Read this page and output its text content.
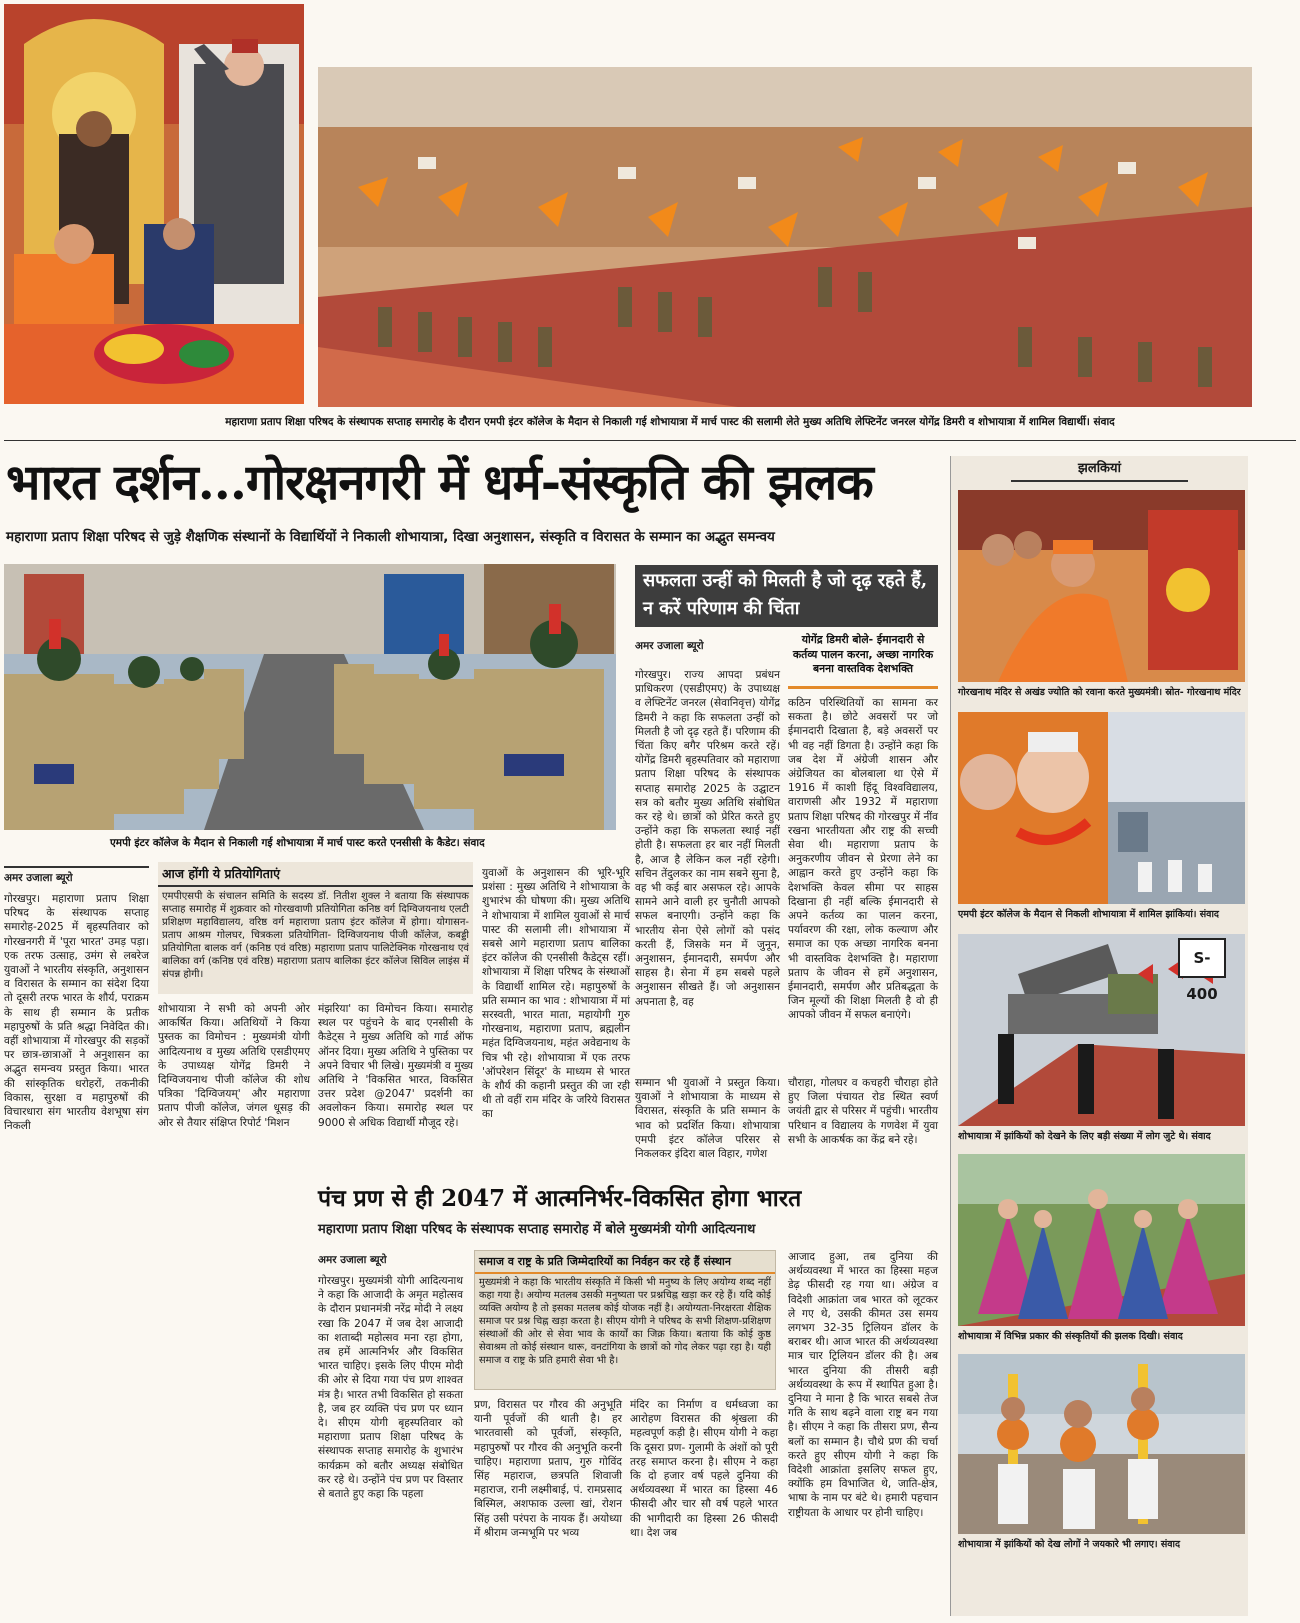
महाराणा प्रताप शिक्षा परिषद के संस्थापक सप्ताह समारोह के दौरान एमपी इंटर कॉलेज के मैदान से निकाली गई शोभायात्रा में मार्च पास्ट की सलामी लेते मुख्य अतिथि लेफ्टिनेंट जनरल योगेंद्र डिमरी व शोभायात्रा में शामिल विद्यार्थी। संवाद
भारत दर्शन...गोरक्षनगरी में धर्म-संस्कृति की झलक
महाराणा प्रताप शिक्षा परिषद से जुड़े शैक्षणिक संस्थानों के विद्यार्थियों ने निकाली शोभायात्रा, दिखा अनुशासन, संस्कृति व विरासत के सम्मान का अद्भुत समन्वय
एमपी इंटर कॉलेज के मैदान से निकाली गई शोभायात्रा में मार्च पास्ट करते एनसीसी के कैडेट। संवाद
सफलता उन्हीं को मिलती है जो दृढ़ रहते हैं, न करें परिणाम की चिंता
अमर उजाला ब्यूरो	योगेंद्र डिमरी बोले- ईमानदारी से कर्तव्य पालन करना, अच्छा नागरिक बनना वास्तविक देशभक्ति
गोरखपुर। राज्य आपदा प्रबंधन प्राधिकरण (एसडीएमए) के उपाध्यक्ष व लेफ्टिनेंट जनरल (सेवानिवृत्त) योगेंद्र डिमरी ने कहा कि सफलता उन्हीं को मिलती है जो दृढ़ रहते हैं। परिणाम की चिंता किए बगैर परिश्रम करते रहें। योगेंद्र डिमरी बृहस्पतिवार को महाराणा प्रताप शिक्षा परिषद के संस्थापक सप्ताह समारोह 2025 के उद्घाटन सत्र को बतौर मुख्य अतिथि संबोधित कर रहे थे। छात्रों को प्रेरित करते हुए उन्होंने कहा कि सफलता स्थाई नहीं होती है। सफलता हर बार नहीं मिलती है, आज है लेकिन कल नहीं रहेगी। सचिन तेंदुलकर का नाम सबने सुना है, वह भी कई बार असफल रहे। आपके सामने आने वाली हर चुनौती आपको सफल बनाएगी। उन्होंने कहा कि भारतीय सेना ऐसे लोगों को पसंद करती हैं, जिसके मन में जुनून, अनुशासन, ईमानदारी, समर्पण और साहस है। सेना में हम सबसे पहले अनुशासन सीखते हैं। जो अनुशासन अपनाता है, वह
कठिन परिस्थितियों का सामना कर सकता है। छोटे अवसरों पर जो ईमानदारी दिखाता है, बड़े अवसरों पर भी वह नहीं डिगता है। उन्होंने कहा कि जब देश में अंग्रेजी शासन और अंग्रेजियत का बोलबाला था ऐसे में 1916 में काशी हिंदू विश्वविद्यालय, वाराणसी और 1932 में महाराणा प्रताप शिक्षा परिषद की गोरखपुर में नींव रखना भारतीयता और राष्ट्र की सच्ची सेवा थी। महाराणा प्रताप के अनुकरणीय जीवन से प्रेरणा लेने का आह्वान करते हुए उन्होंने कहा कि देशभक्ति केवल सीमा पर साहस दिखाना ही नहीं बल्कि ईमानदारी से अपने कर्तव्य का पालन करना, पर्यावरण की रक्षा, लोक कल्याण और समाज का एक अच्छा नागरिक बनना भी वास्तविक देशभक्ति है। महाराणा प्रताप के जीवन से हमें अनुशासन, ईमानदारी, समर्पण और प्रतिबद्धता के जिन मूल्यों की शिक्षा मिलती है वो ही आपको जीवन में सफल बनाएंगे।
अमर उजाला ब्यूरो
गोरखपुर। महाराणा प्रताप शिक्षा परिषद के संस्थापक सप्ताह समारोह-2025 में बृहस्पतिवार को गोरखनगरी में 'पूरा भारत' उमड़ पड़ा। एक तरफ उत्साह, उमंग से लबरेज युवाओं ने भारतीय संस्कृति, अनुशासन व विरासत के सम्मान का संदेश दिया तो दूसरी तरफ भारत के शौर्य, पराक्रम के साथ ही सम्मान के प्रतीक महापुरुषों के प्रति श्रद्धा निवेदित की। वहीं शोभायात्रा में गोरखपुर की सड़कों पर छात्र-छात्राओं ने अनुशासन का अद्भुत समन्वय प्रस्तुत किया। भारत की सांस्कृतिक धरोहरों, तकनीकी विकास, सुरक्षा व महापुरुषों की विचारधारा संग भारतीय वेशभूषा संग निकली
आज होंगी ये प्रतियोगिताएं
एमपीएसपी के संचालन समिति के सदस्य डॉ. नितीश शुक्ल ने बताया कि संस्थापक सप्ताह समारोह में शुक्रवार को गोरखवाणी प्रतियोगिता कनिष्ठ वर्ग दिग्विजयनाथ एलटी प्रशिक्षण महाविद्यालय, वरिष्ठ वर्ग महाराणा प्रताप इंटर कॉलेज में होगा। योगासन- प्रताप आश्रम गोलघर, चित्रकला प्रतियोगिता- दिग्विजयनाथ पीजी कॉलेज, कबड्डी प्रतियोगिता बालक वर्ग (कनिष्ठ एवं वरिष्ठ) महाराणा प्रताप पालिटेक्निक गोरखनाथ एवं बालिका वर्ग (कनिष्ठ एवं वरिष्ठ) महाराणा प्रताप बालिका इंटर कॉलेज सिविल लाइंस में संपन्न होगी।
शोभायात्रा ने सभी को अपनी ओर आकर्षित किया। अतिथियों ने किया पुस्तक का विमोचन : मुख्यमंत्री योगी आदित्यनाथ व मुख्य अतिथि एसडीएमए के उपाध्यक्ष योगेंद्र डिमरी ने दिग्विजयनाथ पीजी कॉलेज की शोध पत्रिका 'दिग्विजयम्' और महाराणा प्रताप पीजी कॉलेज, जंगल धूसड़ की ओर से तैयार संक्षिप्त रिपोर्ट 'मिशन
मंझरिया' का विमोचन किया। समारोह स्थल पर पहुंचने के बाद एनसीसी के कैडेट्स ने मुख्य अतिथि को गार्ड ऑफ ऑनर दिया। मुख्य अतिथि ने पुस्तिका पर अपने विचार भी लिखे। मुख्यमंत्री व मुख्य अतिथि ने 'विकसित भारत, विकसित उत्तर प्रदेश @2047' प्रदर्शनी का अवलोकन किया। समारोह स्थल पर 9000 से अधिक विद्यार्थी मौजूद रहे।
युवाओं के अनुशासन की भूरि-भूरि प्रशंसा : मुख्य अतिथि ने शोभायात्रा के शुभारंभ की घोषणा की। मुख्य अतिथि ने शोभायात्रा में शामिल युवाओं से मार्च पास्ट की सलामी ली। शोभायात्रा में सबसे आगे महाराणा प्रताप बालिका इंटर कॉलेज की एनसीसी कैडेट्स रहीं। शोभायात्रा में शिक्षा परिषद के संस्थाओं के विद्यार्थी शामिल रहे। महापुरुषों के प्रति सम्मान का भाव : शोभायात्रा में मां सरस्वती, भारत माता, महायोगी गुरु गोरखनाथ, महाराणा प्रताप, ब्रह्मलीन महंत दिग्विजयनाथ, महंत अवेद्यनाथ के चित्र भी रहे। शोभायात्रा में एक तरफ 'ऑपरेशन सिंदूर' के माध्यम से भारत के शौर्य की कहानी प्रस्तुत की जा रही थी तो वहीं राम मंदिर के जरिये विरासत का
सम्मान भी युवाओं ने प्रस्तुत किया। युवाओं ने शोभायात्रा के माध्यम से विरासत, संस्कृति के प्रति सम्मान के भाव को प्रदर्शित किया। शोभायात्रा एमपी इंटर कॉलेज परिसर से निकलकर इंदिरा बाल विहार, गणेश
चौराहा, गोलघर व कचहरी चौराहा होते हुए जिला पंचायत रोड स्थित स्वर्ण जयंती द्वार से परिसर में पहुंची। भारतीय परिधान व विद्यालय के गणवेश में युवा सभी के आकर्षक का केंद्र बने रहे।
पंच प्रण से ही 2047 में आत्मनिर्भर-विकसित होगा भारत
महाराणा प्रताप शिक्षा परिषद के संस्थापक सप्ताह समारोह में बोले मुख्यमंत्री योगी आदित्यनाथ
अमर उजाला ब्यूरो
गोरखपुर। मुख्यमंत्री योगी आदित्यनाथ ने कहा कि आजादी के अमृत महोत्सव के दौरान प्रधानमंत्री नरेंद्र मोदी ने लक्ष्य रखा कि 2047 में जब देश आजादी का शताब्दी महोत्सव मना रहा होगा, तब हमें आत्मनिर्भर और विकसित भारत चाहिए। इसके लिए पीएम मोदी की ओर से दिया गया पंच प्रण शाश्वत मंत्र है। भारत तभी विकसित हो सकता है, जब हर व्यक्ति पंच प्रण पर ध्यान दे। सीएम योगी बृहस्पतिवार को महाराणा प्रताप शिक्षा परिषद के संस्थापक सप्ताह समारोह के शुभारंभ कार्यक्रम को बतौर अध्यक्ष संबोधित कर रहे थे। उन्होंने पंच प्रण पर विस्तार से बताते हुए कहा कि पहला
समाज व राष्ट्र के प्रति जिम्मेदारियों का निर्वहन कर रहे हैं संस्थान
मुख्यमंत्री ने कहा कि भारतीय संस्कृति में किसी भी मनुष्य के लिए अयोग्य शब्द नहीं कहा गया है। अयोग्य मतलब उसकी मनुष्यता पर प्रश्नचिह्न खड़ा कर रहे हैं। यदि कोई व्यक्ति अयोग्य है तो इसका मतलब कोई योजक नहीं है। अयोग्यता-निरक्षरता शैक्षिक समाज पर प्रश्न चिह्न खड़ा करता है। सीएम योगी ने परिषद के सभी शिक्षण-प्रशिक्षण संस्थाओं की ओर से सेवा भाव के कार्यों का जिक्र किया। बताया कि कोई कुष्ठ सेवाश्रम तो कोई संस्थान थारू, वनटांगिया के छात्रों को गोद लेकर पढ़ा रहा है। यही समाज व राष्ट्र के प्रति हमारी सेवा भी है।
प्रण, विरासत पर गौरव की अनुभूति यानी पूर्वजों की थाती है। हर भारतवासी को पूर्वजों, संस्कृति, महापुरुषों पर गौरव की अनुभूति करनी चाहिए। महाराणा प्रताप, गुरु गोविंद सिंह महाराज, छत्रपति शिवाजी महाराज, रानी लक्ष्मीबाई, पं. रामप्रसाद बिस्मिल, अशफाक उल्ला खां, रोशन सिंह उसी परंपरा के नायक हैं। अयोध्या में श्रीराम जन्मभूमि पर भव्य
मंदिर का निर्माण व धर्मध्वजा का आरोहण विरासत की श्रृंखला की महत्वपूर्ण कड़ी है। सीएम योगी ने कहा कि दूसरा प्रण- गुलामी के अंशों को पूरी तरह समाप्त करना है। सीएम ने कहा कि दो हजार वर्ष पहले दुनिया की अर्थव्यवस्था में भारत का हिस्सा 46 फीसदी और चार सौ वर्ष पहले भारत की भागीदारी का हिस्सा 26 फीसदी था। देश जब
आजाद हुआ, तब दुनिया की अर्थव्यवस्था में भारत का हिस्सा महज डेढ़ फीसदी रह गया था। अंग्रेज व विदेशी आक्रांता जब भारत को लूटकर ले गए थे, उसकी कीमत उस समय लगभग 32-35 ट्रिलियन डॉलर के बराबर थी। आज भारत की अर्थव्यवस्था मात्र चार ट्रिलियन डॉलर की है। अब भारत दुनिया की तीसरी बड़ी अर्थव्यवस्था के रूप में स्थापित हुआ है। दुनिया ने माना है कि भारत सबसे तेज गति के साथ बढ़ने वाला राष्ट्र बन गया है। सीएम ने कहा कि तीसरा प्रण, सैन्य बलों का सम्मान है। चौथे प्रण की चर्चा करते हुए सीएम योगी ने कहा कि विदेशी आक्रांता इसलिए सफल हुए, क्योंकि हम विभाजित थे, जाति-क्षेत्र, भाषा के नाम पर बंटे थे। हमारी पहचान राष्ट्रीयता के आधार पर होनी चाहिए।
झलकियां
गोरखनाथ मंदिर से अखंड ज्योति को रवाना करते मुख्यमंत्री। स्रोत- गोरखनाथ मंदिर
एमपी इंटर कॉलेज के मैदान से निकली शोभायात्रा में शामिल झांकियां। संवाद
S-400
शोभायात्रा में झांकियों को देखने के लिए बड़ी संख्या में लोग जुटे थे। संवाद
शोभायात्रा में विभिन्न प्रकार की संस्कृतियों की झलक दिखी। संवाद
शोभायात्रा में झांकियों को देख लोगों ने जयकारे भी लगाए। संवाद
